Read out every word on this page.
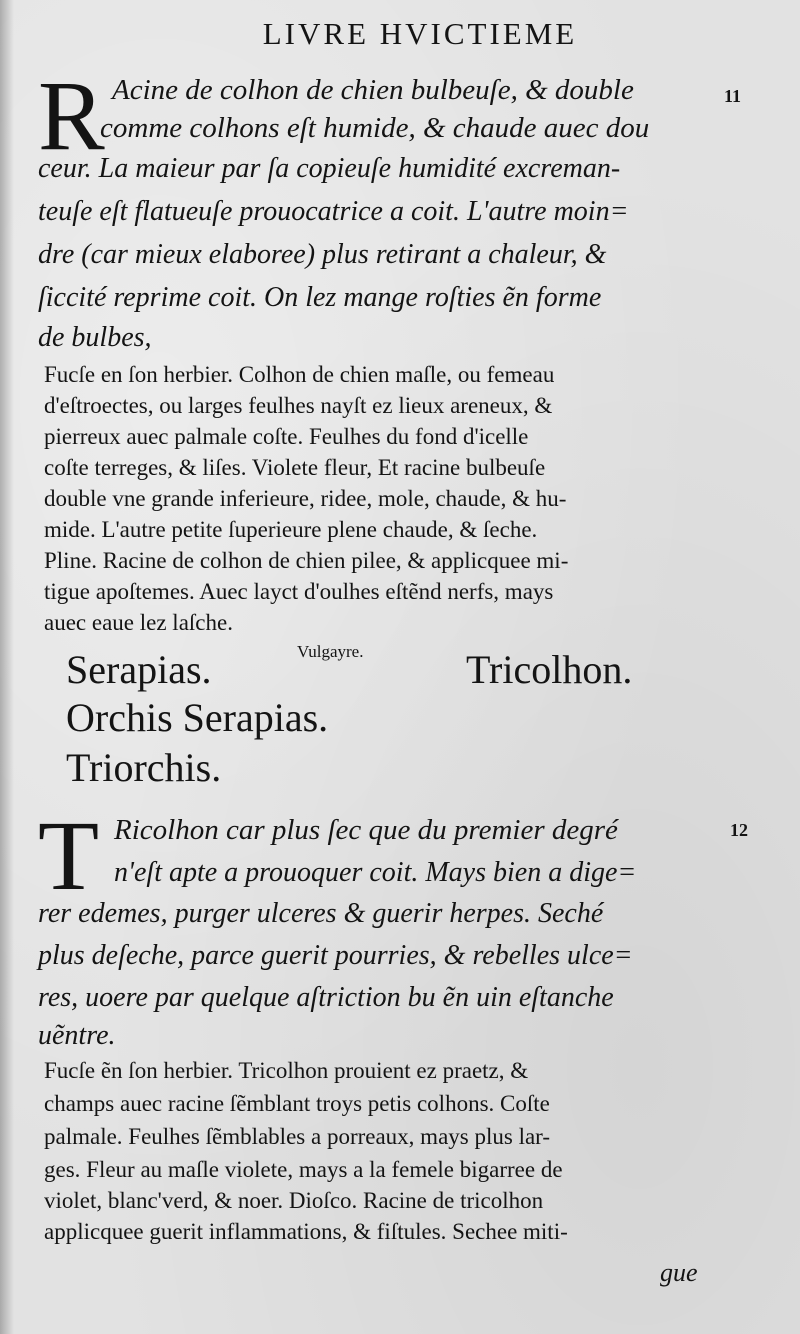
LIVRE HVICTIEME
R	11
Acine de colhon de chien bulbeuſe, & double
comme colhons eſt humide, & chaude auec dou
ceur. La maieur par ſa copieuſe humidité excreman-
teuſe eſt flatueuſe prouocatrice a coit. L'autre moin=
dre (car mieux elaboree) plus retirant a chaleur, &
ſiccité reprime coit. On lez mange roſties ẽn forme
de bulbes,
Fucſe en ſon herbier. Colhon de chien maſle, ou femeau
d'eſtroectes, ou larges feulhes nayſt ez lieux areneux, &
pierreux auec palmale coſte. Feulhes du fond d'icelle
coſte terreges, & liſes. Violete fleur, Et racine bulbeuſe
double vne grande inferieure, ridee, mole, chaude, & hu-
mide. L'autre petite ſuperieure plene chaude, & ſeche.
Pline. Racine de colhon de chien pilee, & applicquee mi-
tigue apoſtemes. Auec layct d'oulhes eſtẽnd nerfs, mays
auec eaue lez laſche.
Serapias.	Vulgayre.	Tricolhon.
Orchis Serapias.
Triorchis.
T	12
Ricolhon car plus ſec que du premier degré
n'eſt apte a prouoquer coit. Mays bien a dige=
rer edemes, purger ulceres & guerir herpes. Seché
plus deſeche, parce guerit pourries, & rebelles ulce=
res, uoere par quelque aſtriction bu ẽn uin eſtanche
uẽntre.
Fucſe ẽn ſon herbier. Tricolhon prouient ez praetz, &
champs auec racine ſẽmblant troys petis colhons. Coſte
palmale. Feulhes ſẽmblables a porreaux, mays plus lar-
ges. Fleur au maſle violete, mays a la femele bigarree de
violet, blanc'verd, & noer. Dioſco. Racine de tricolhon
applicquee guerit inflammations, & fiſtules. Sechee miti-
gue
